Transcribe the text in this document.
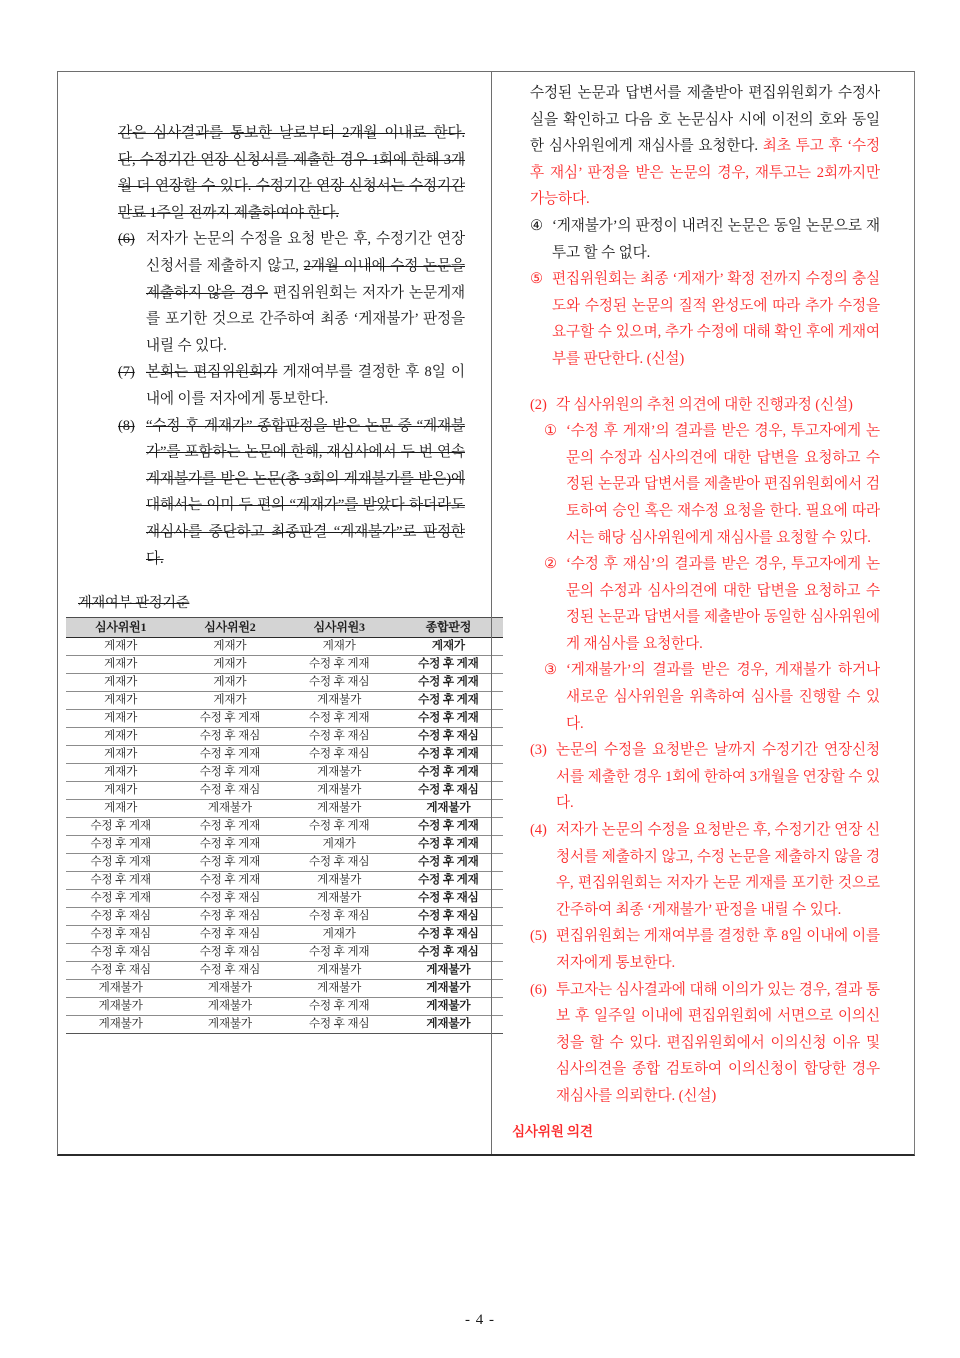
간은 심사결과를 통보한 날로부터 2개월 이내로 한다. 단, 수정기간 연장 신청서를 제출한 경우 1회에 한해 3개월 더 연장할 수 있다. 수정기간 연장 신청서는 수정기간 만료 1주일 전까지 제출하여야 한다.
(6) 저자가 논문의 수정을 요청 받은 후, 수정기간 연장 신청서를 제출하지 않고, 2개월 이내에 수정 논문을 제출하지 않을 경우 편집위원회는 저자가 논문게재를 포기한 것으로 간주하여 최종 ‘게재불가’ 판정을 내릴 수 있다.
(7) 본회는 편집위원회가 게재여부를 결정한 후 8일 이내에 이를 저자에게 통보한다.
(8) “수정 후 게재가” 종합판정을 받은 논문 중 “게재불가”를 포함하는 논문에 한해, 재심사에서 두 번 연속 게재불가를 받은 논문(총 3회의 게재불가를 받은)에 대해서는 이미 두 편의 “게재가”를 받았다 하더라도 재심사를 중단하고 최종판결 “게재불가”로 판정한다.
게재여부 판정기준
심사위원1	심사위원2	심사위원3	종합판정
게재가	게재가	게재가	게재가
게재가	게재가	수정 후 게재	수정 후 게재
게재가	게재가	수정 후 재심	수정 후 게재
게재가	게재가	게재불가	수정 후 게재
게재가	수정 후 게재	수정 후 게재	수정 후 게재
게재가	수정 후 재심	수정 후 재심	수정 후 재심
게재가	수정 후 게재	수정 후 재심	수정 후 게재
게재가	수정 후 게재	게재불가	수정 후 게재
게재가	수정 후 재심	게재불가	수정 후 재심
게재가	게재불가	게재불가	게재불가
수정 후 게재	수정 후 게재	수정 후 게재	수정 후 게재
수정 후 게재	수정 후 게재	게재가	수정 후 게재
수정 후 게재	수정 후 게재	수정 후 재심	수정 후 게재
수정 후 게재	수정 후 게재	게재불가	수정 후 게재
수정 후 게재	수정 후 재심	게재불가	수정 후 재심
수정 후 재심	수정 후 재심	수정 후 재심	수정 후 재심
수정 후 재심	수정 후 재심	게재가	수정 후 재심
수정 후 재심	수정 후 재심	수정 후 게재	수정 후 재심
수정 후 재심	수정 후 재심	게재불가	게재불가
게재불가	게재불가	게재불가	게재불가
게재불가	게재불가	수정 후 게재	게재불가
게재불가	게재불가	수정 후 재심	게재불가
수정된 논문과 답변서를 제출받아 편집위원회가 수정사실을 확인하고 다음 호 논문심사 시에 이전의 호와 동일한 심사위원에게 재심사를 요청한다. 최초 투고 후 ‘수정 후 재심’ 판정을 받은 논문의 경우, 재투고는 2회까지만 가능하다.
④ ‘게재불가’의 판정이 내려진 논문은 동일 논문으로 재투고 할 수 없다.
⑤ 편집위원회는 최종 ‘게재가’ 확정 전까지 수정의 충실도와 수정된 논문의 질적 완성도에 따라 추가 수정을 요구할 수 있으며, 추가 수정에 대해 확인 후에 게재여부를 판단한다. (신설)
(2) 각 심사위원의 추천 의견에 대한 진행과정 (신설)
① ‘수정 후 게재’의 결과를 받은 경우, 투고자에게 논문의 수정과 심사의견에 대한 답변을 요청하고 수정된 논문과 답변서를 제출받아 편집위원회에서 검토하여 승인 혹은 재수정 요청을 한다. 필요에 따라서는 해당 심사위원에게 재심사를 요청할 수 있다.
② ‘수정 후 재심’의 결과를 받은 경우, 투고자에게 논문의 수정과 심사의견에 대한 답변을 요청하고 수정된 논문과 답변서를 제출받아 동일한 심사위원에게 재심사를 요청한다.
③ ‘게재불가’의 결과를 받은 경우, 게재불가 하거나 새로운 심사위원을 위촉하여 심사를 진행할 수 있다.
(3) 논문의 수정을 요청받은 날까지 수정기간 연장신청서를 제출한 경우 1회에 한하여 3개월을 연장할 수 있다.
(4) 저자가 논문의 수정을 요청받은 후, 수정기간 연장 신청서를 제출하지 않고, 수정 논문을 제출하지 않을 경우, 편집위원회는 저자가 논문 게재를 포기한 것으로 간주하여 최종 ‘게재불가’ 판정을 내릴 수 있다.
(5) 편집위원회는 게재여부를 결정한 후 8일 이내에 이를 저자에게 통보한다.
(6) 투고자는 심사결과에 대해 이의가 있는 경우, 결과 통보 후 일주일 이내에 편집위원회에 서면으로 이의신청을 할 수 있다. 편집위원회에서 이의신청 이유 및 심사의견을 종합 검토하여 이의신청이 합당한 경우 재심사를 의뢰한다. (신설)
심사위원 의견
- 4 -
